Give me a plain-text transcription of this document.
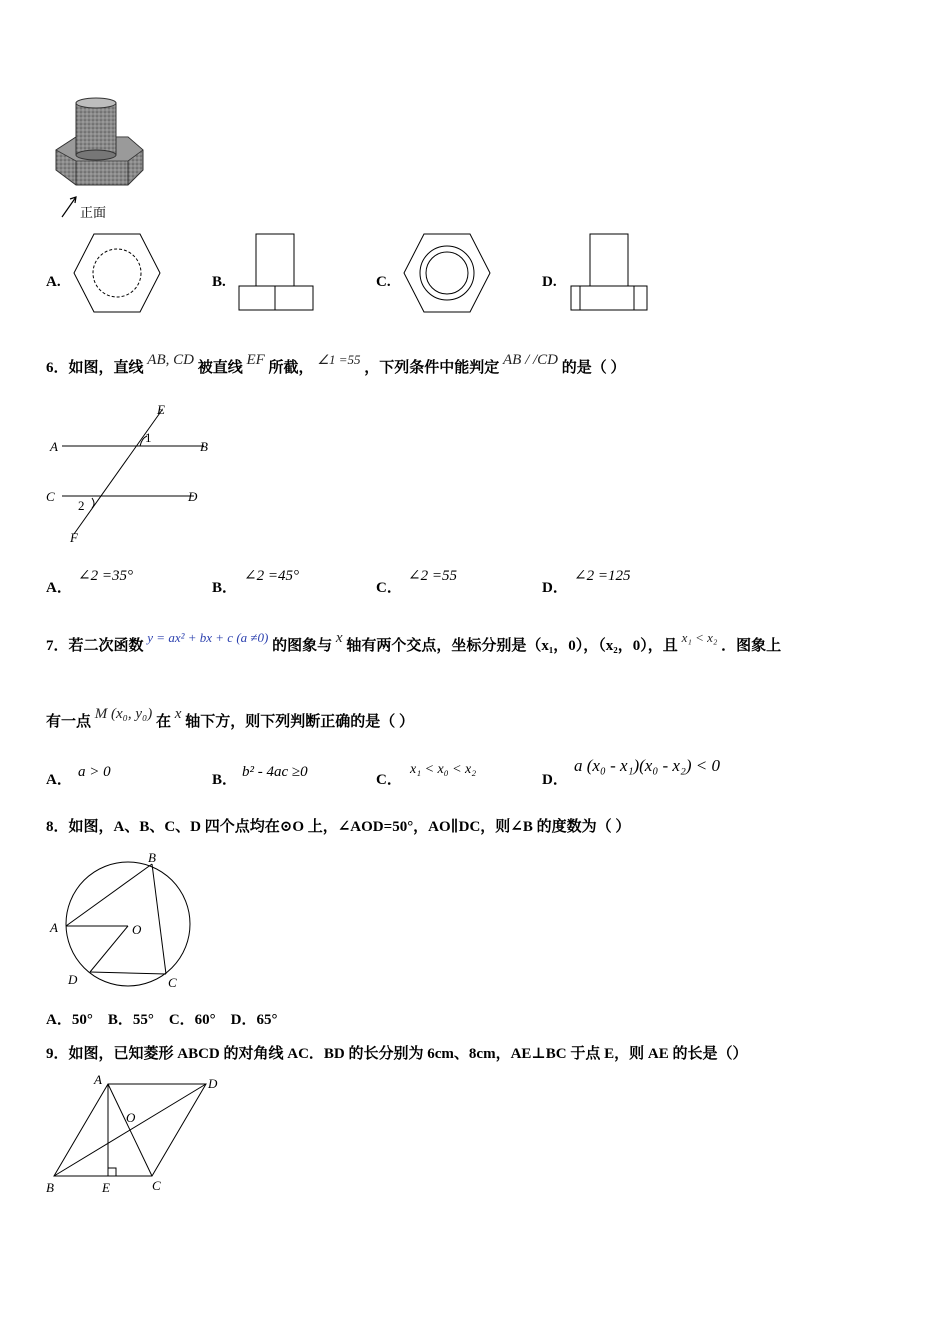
正面
A.	B.	C.	D.
6．如图，直线 AB, CD 被直线 EF 所截， ∠1 =55 ，下列条件中能判定 AB / /CD 的是（ ）
A	B
C	D
E
F
1
2
A．
∠2 =35°
B．
∠2 =45°
C．
∠2 =55
D．
∠2 =125
7．若二次函数 y = ax² + bx + c (a ≠0) 的图象与 x 轴有两个交点，坐标分别是（x₁，0），（x₂，0），且 x₁ < x₂ ．图象上
有一点 M (x₀, y₀) 在 x 轴下方，则下列判断正确的是（ ）
A． a > 0	B． b² - 4ac ≥0	C．
x₁ < x₀ < x₂
D．
a (x₀ - x₁)(x₀ - x₂) < 0
8．如图，A、B、C、D 四个点均在⊙O 上，∠AOD=50°，AO∥DC，则∠B 的度数为（ ）
A
B
C
D
O
A．50°    B．55°    C．60°    D．65°
9．如图，已知菱形 ABCD 的对角线 AC．BD 的长分别为 6cm、8cm，AE⊥BC 于点 E，则 AE 的长是（）
A	D
C
B	E
O
